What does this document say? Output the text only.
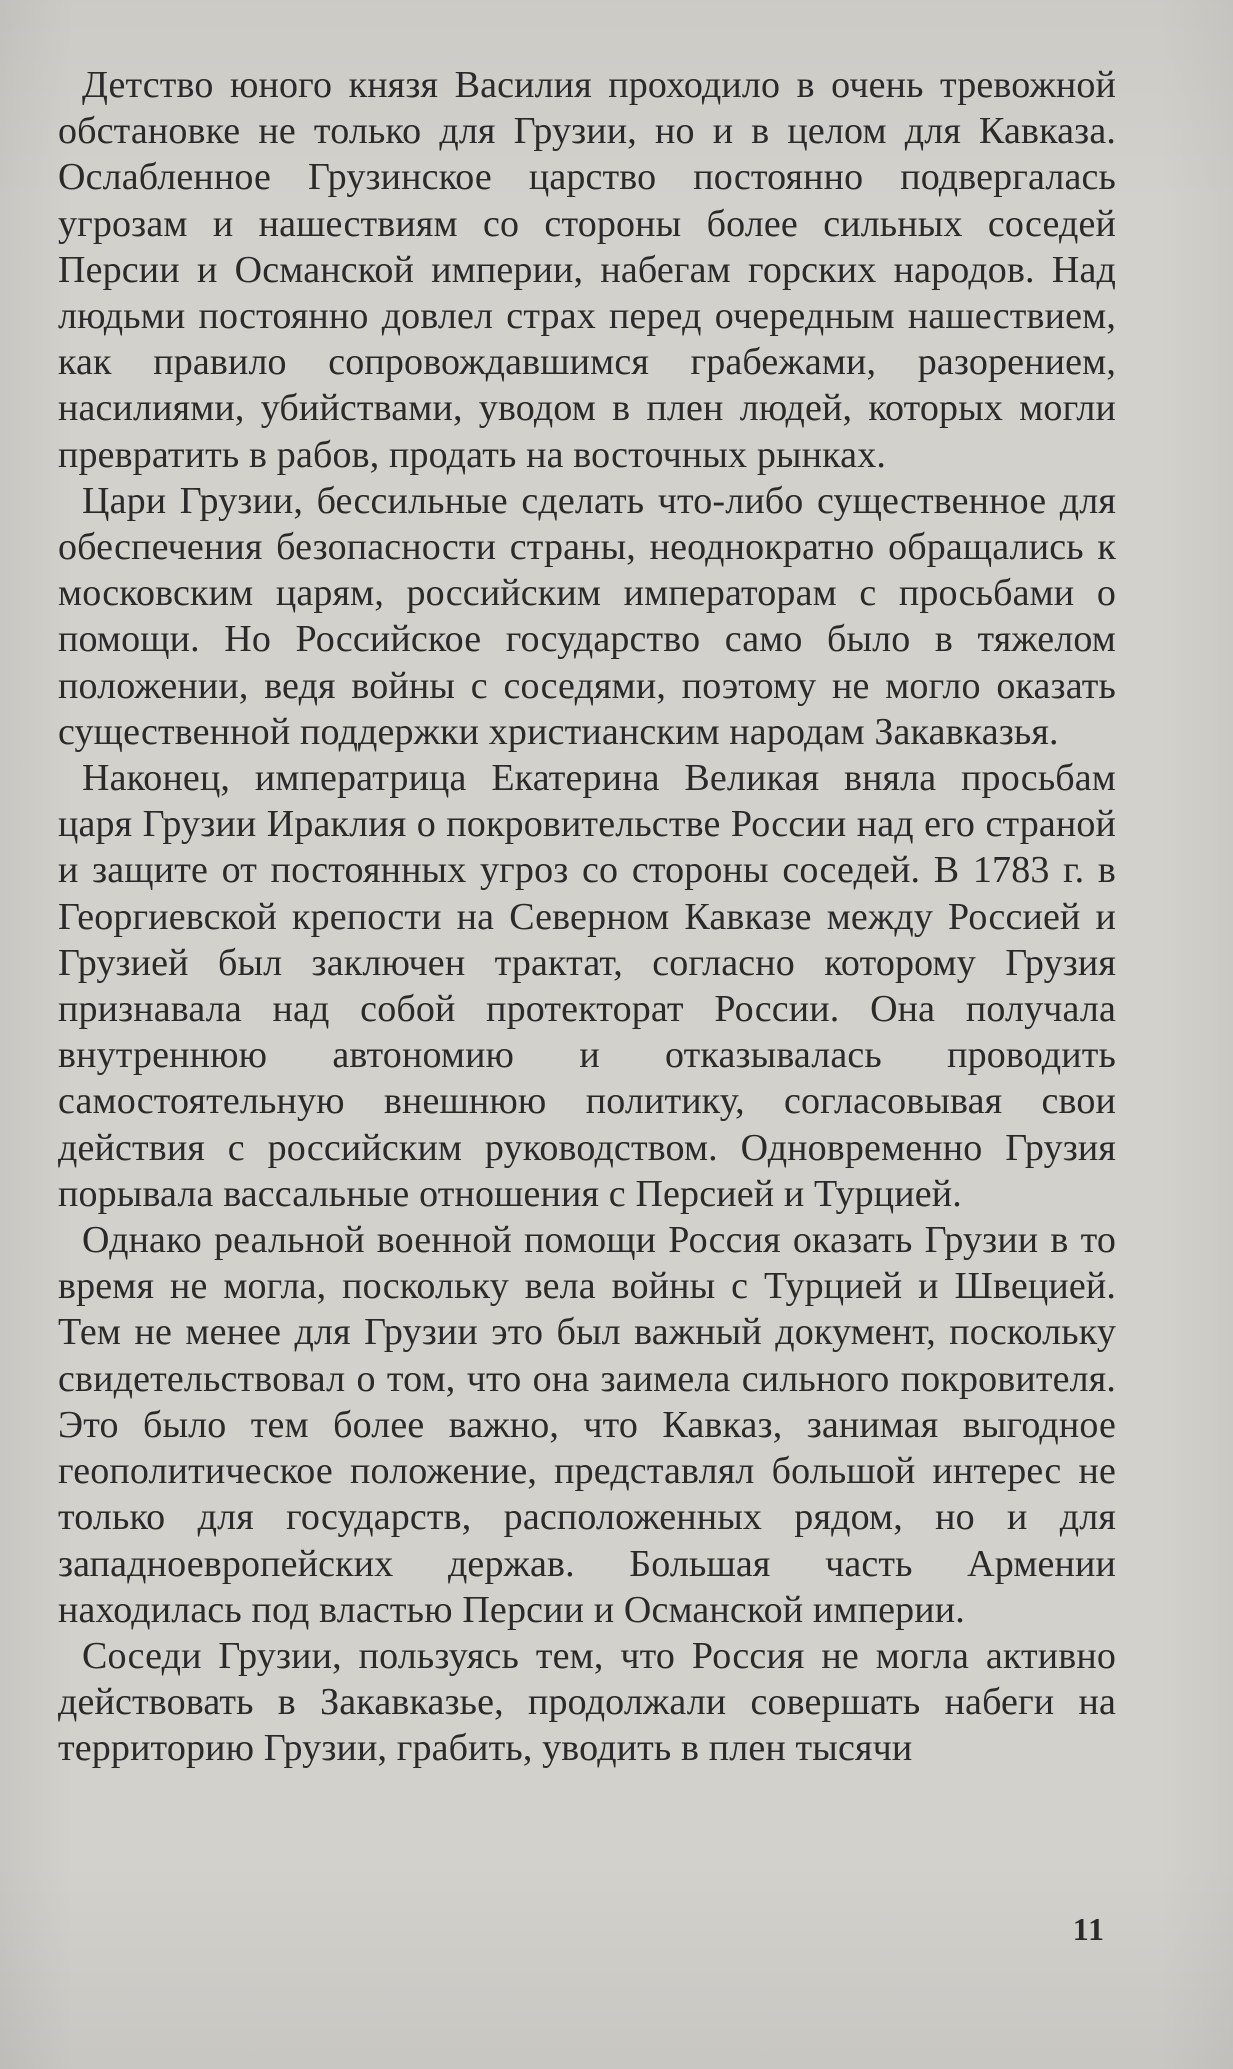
Детство юного князя Василия проходило в очень тревожной обстановке не только для Грузии, но и в целом для Кавказа. Ослабленное Грузинское царство постоянно подвергалась угрозам и нашествиям со стороны более сильных соседей Персии и Османской империи, набегам горских народов. Над людьми постоянно довлел страх перед очередным нашествием, как правило сопровождавшимся грабежами, разорением, насилиями, убийствами, уводом в плен людей, которых могли превратить в рабов, продать на восточных рынках.

Цари Грузии, бессильные сделать что-либо существенное для обеспечения безопасности страны, неоднократно обращались к московским царям, российским императорам с просьбами о помощи. Но Российское государство само было в тяжелом положении, ведя войны с соседями, поэтому не могло оказать существенной поддержки христианским народам Закавказья.

Наконец, императрица Екатерина Великая вняла просьбам царя Грузии Ираклия о покровительстве России над его страной и защите от постоянных угроз со стороны соседей. В 1783 г. в Георгиевской крепости на Северном Кавказе между Россией и Грузией был заключен трактат, согласно которому Грузия признавала над собой протекторат России. Она получала внутреннюю автономию и отказывалась проводить самостоятельную внешнюю политику, согласовывая свои действия с российским руководством. Одновременно Грузия порывала вассальные отношения с Персией и Турцией.

Однако реальной военной помощи Россия оказать Грузии в то время не могла, поскольку вела войны с Турцией и Швецией. Тем не менее для Грузии это был важный документ, поскольку свидетельствовал о том, что она заимела сильного покровителя. Это было тем более важно, что Кавказ, занимая выгодное геополитическое положение, представлял большой интерес не только для государств, расположенных рядом, но и для западноевропейских держав. Большая часть Армении находилась под властью Персии и Османской империи.

Соседи Грузии, пользуясь тем, что Россия не могла активно действовать в Закавказье, продолжали совершать набеги на территорию Грузии, грабить, уводить в плен тысячи

11
